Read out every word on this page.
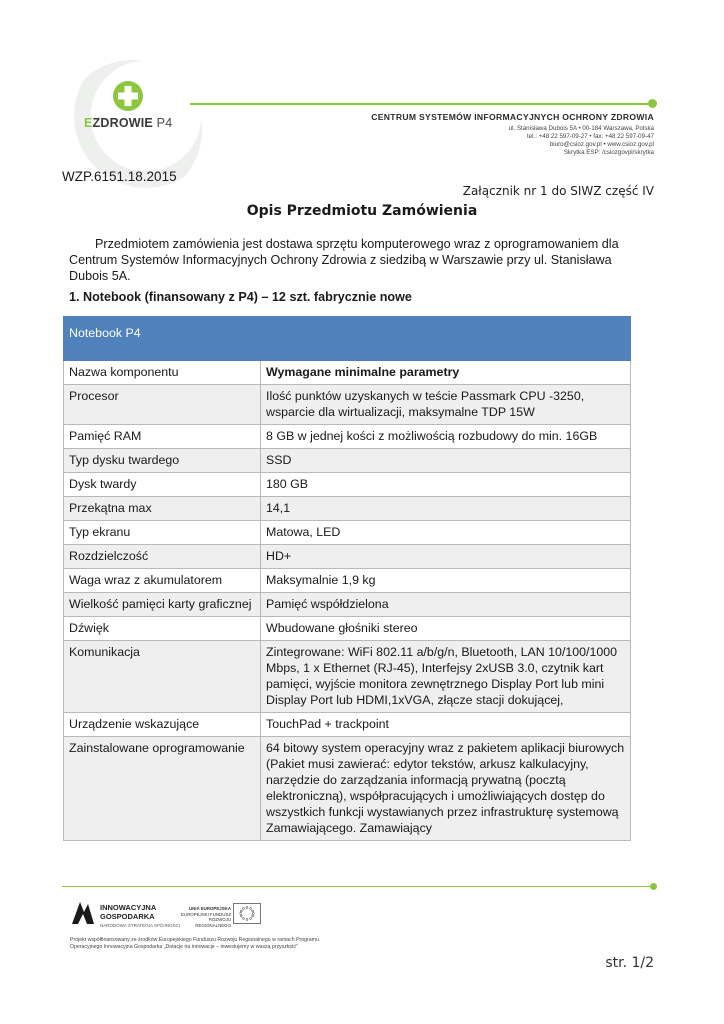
EZDROWIE P4	CENTRUM SYSTEMÓW INFORMACYJNYCH OCHRONY ZDROWIA
ul. Stanisława Dubois 5A • 00-184 Warszawa, Polska
tel.: +48 22 597-09-27 • fax: +48 22 597-09-47
biuro@csioz.gov.pl • www.csioz.gov.pl
Skrytka ESP: /csiozgovpl/skrytka
WZP.6151.18.2015
Załącznik nr 1 do SIWZ część IV
Opis Przedmiotu Zamówienia
Przedmiotem zamówienia jest dostawa sprzętu komputerowego wraz z oprogramowaniem dla Centrum Systemów Informacyjnych Ochrony Zdrowia z siedzibą w Warszawie przy ul. Stanisława Dubois 5A.
1. Notebook (finansowany z P4) – 12 szt. fabrycznie nowe
Notebook P4	
Nazwa komponentu	Wymagane minimalne parametry
Procesor	Ilość punktów uzyskanych w teście Passmark CPU -3250, wsparcie dla wirtualizacji, maksymalne TDP 15W
Pamięć RAM	8 GB w jednej kości z możliwością rozbudowy do min. 16GB
Typ dysku twardego	SSD
Dysk twardy	180 GB
Przekątna max	14,1
Typ ekranu	Matowa, LED
Rozdzielczość	HD+
Waga wraz z akumulatorem	Maksymalnie 1,9 kg
Wielkość pamięci karty graficznej	Pamięć współdzielona
Dźwięk	Wbudowane głośniki stereo
Komunikacja	Zintegrowane: WiFi 802.11 a/b/g/n, Bluetooth, LAN 10/100/1000 Mbps, 1 x Ethernet (RJ-45), Interfejsy 2xUSB 3.0, czytnik kart pamięci, wyjście monitora zewnętrznego Display Port lub mini Display Port lub HDMI,1xVGA, złącze stacji dokującej,
Urządzenie wskazujące	TouchPad + trackpoint
Zainstalowane oprogramowanie	64 bitowy system operacyjny wraz z pakietem aplikacji biurowych (Pakiet musi zawierać: edytor tekstów, arkusz kalkulacyjny, narzędzie do zarządzania informacją prywatną (pocztą elektroniczną), współpracujących i umożliwiających dostęp do wszystkich funkcji wystawianych przez infrastrukturę systemową Zamawiającego. Zamawiający
INNOWACYJNA
GOSPODARKA
NARODOWA STRATEGIA SPÓJNOŚCI
UNIA EUROPEJSKA
EUROPEJSKI FUNDUSZ
ROZWOJU REGIONALNEGO
Projekt współfinansowany ze środków Europejskiego Funduszu Rozwoju Regionalnego w ramach Programu
Operacyjnego Innowacyjna Gospodarka „Dotacje na innowacje – inwestujemy w waszą przyszłość”
str. 1/2
